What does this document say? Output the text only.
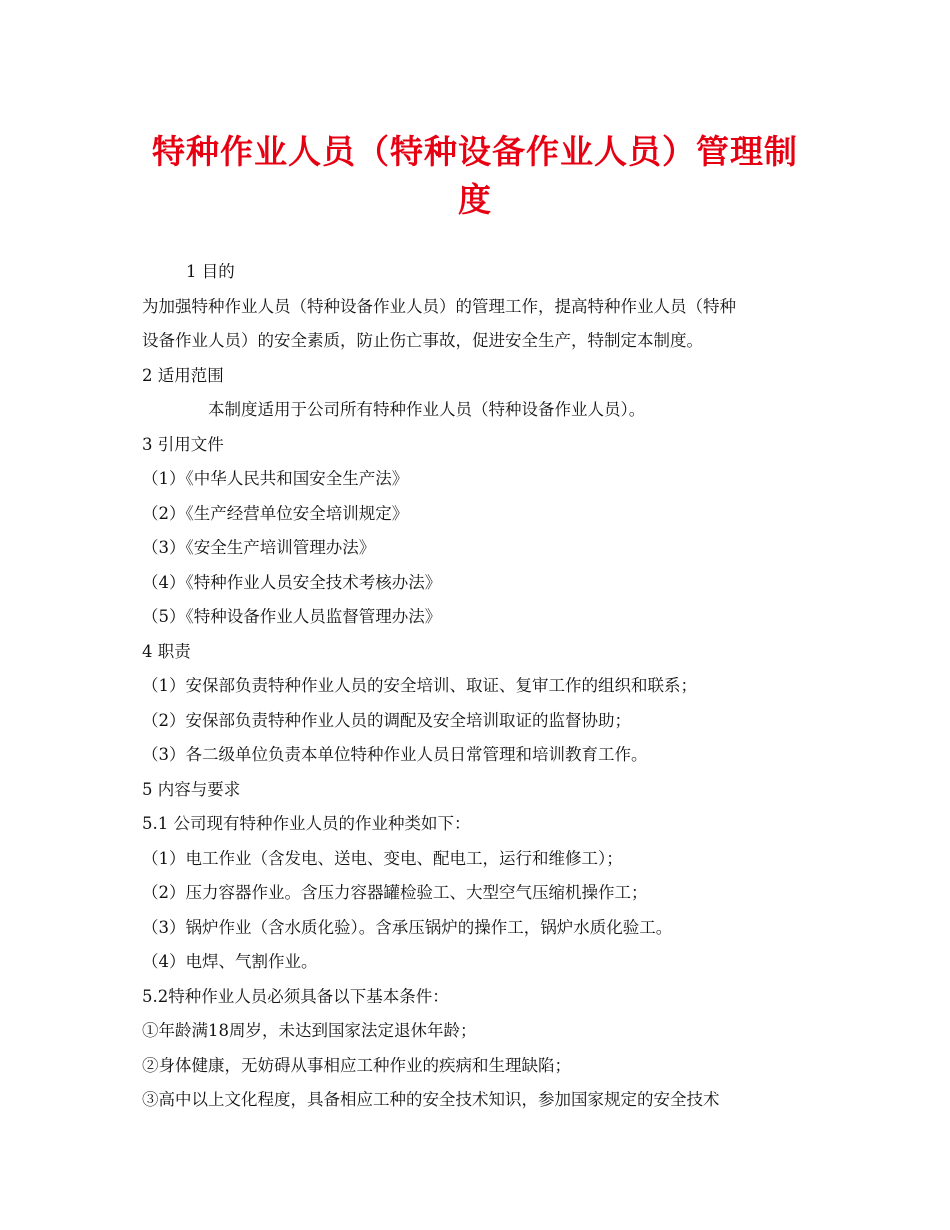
特种作业人员（特种设备作业人员）管理制度
1 目的
为加强特种作业人员（特种设备作业人员）的管理工作，提高特种作业人员（特种
设备作业人员）的安全素质，防止伤亡事故，促进安全生产，特制定本制度。
2 适用范围
本制度适用于公司所有特种作业人员（特种设备作业人员）。
3 引用文件
（1）《中华人民共和国安全生产法》
（2）《生产经营单位安全培训规定》
（3）《安全生产培训管理办法》
（4）《特种作业人员安全技术考核办法》
（5）《特种设备作业人员监督管理办法》
4 职责
（1）安保部负责特种作业人员的安全培训、取证、复审工作的组织和联系；
（2）安保部负责特种作业人员的调配及安全培训取证的监督协助；
（3）各二级单位负责本单位特种作业人员日常管理和培训教育工作。
5 内容与要求
5.1 公司现有特种作业人员的作业种类如下：
（1）电工作业（含发电、送电、变电、配电工，运行和维修工）；
（2）压力容器作业。含压力容器罐检验工、大型空气压缩机操作工；
（3）锅炉作业（含水质化验）。含承压锅炉的操作工，锅炉水质化验工。
（4）电焊、气割作业。
5.2特种作业人员必须具备以下基本条件：
①年龄满18周岁，未达到国家法定退休年龄；
②身体健康，无妨碍从事相应工种作业的疾病和生理缺陷；
③高中以上文化程度，具备相应工种的安全技术知识，参加国家规定的安全技术
